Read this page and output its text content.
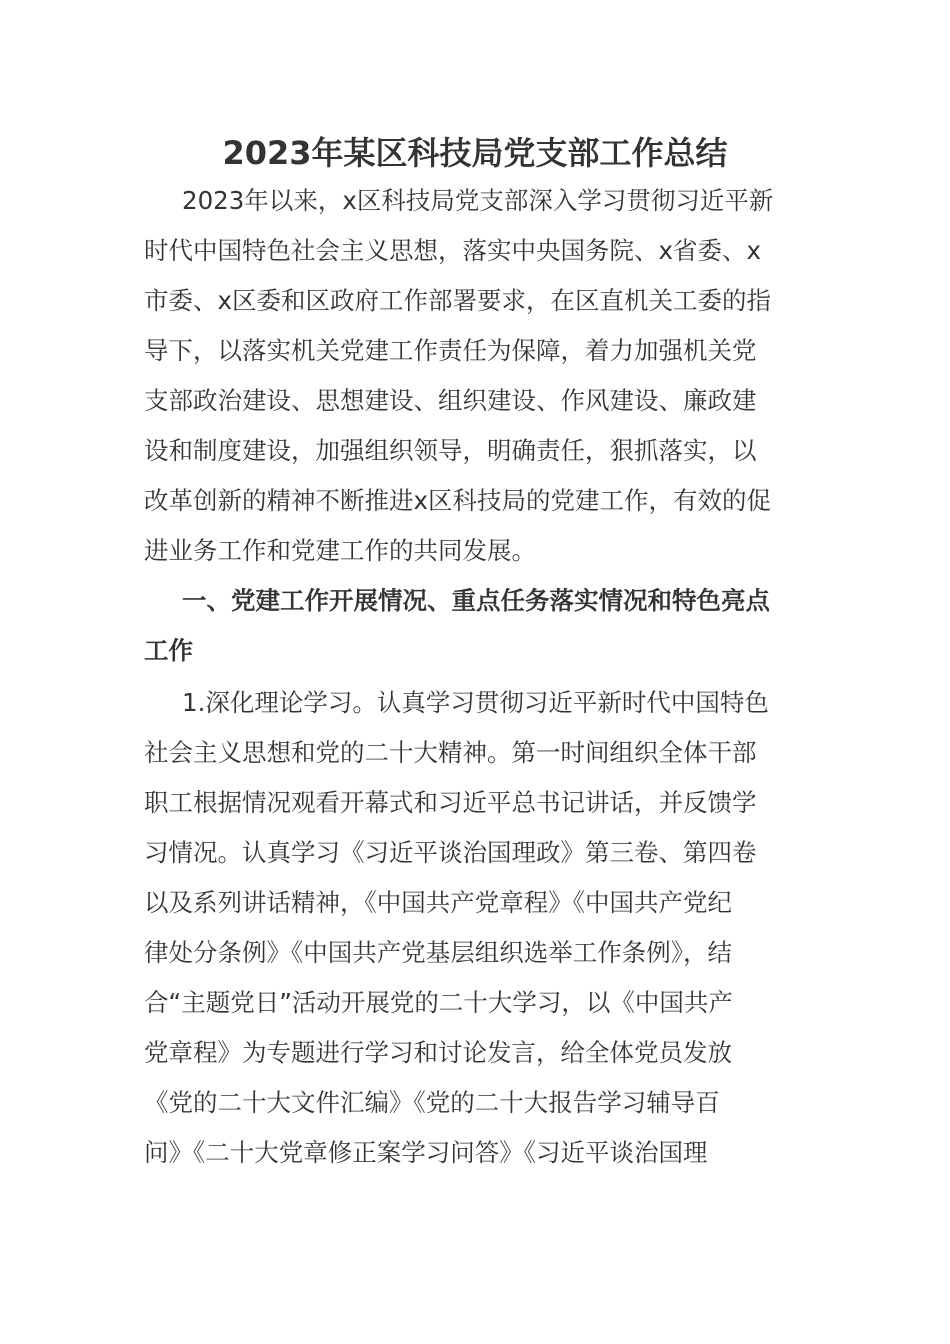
2023年某区科技局党支部工作总结
2023年以来，x区科技局党支部深入学习贯彻习近平新
时代中国特色社会主义思想，落实中央国务院、x省委、x
市委、x区委和区政府工作部署要求，在区直机关工委的指
导下，以落实机关党建工作责任为保障，着力加强机关党
支部政治建设、思想建设、组织建设、作风建设、廉政建
设和制度建设，加强组织领导，明确责任，狠抓落实，以
改革创新的精神不断推进x区科技局的党建工作，有效的促
进业务工作和党建工作的共同发展。
一、党建工作开展情况、重点任务落实情况和特色亮点
工作
1.深化理论学习。认真学习贯彻习近平新时代中国特色
社会主义思想和党的二十大精神。第一时间组织全体干部
职工根据情况观看开幕式和习近平总书记讲话，并反馈学
习情况。认真学习《习近平谈治国理政》第三卷、第四卷
以及系列讲话精神，《中国共产党章程》《中国共产党纪
律处分条例》《中国共产党基层组织选举工作条例》，结
合“主题党日”活动开展党的二十大学习，以《中国共产
党章程》为专题进行学习和讨论发言，给全体党员发放
《党的二十大文件汇编》《党的二十大报告学习辅导百
问》《二十大党章修正案学习问答》《习近平谈治国理
